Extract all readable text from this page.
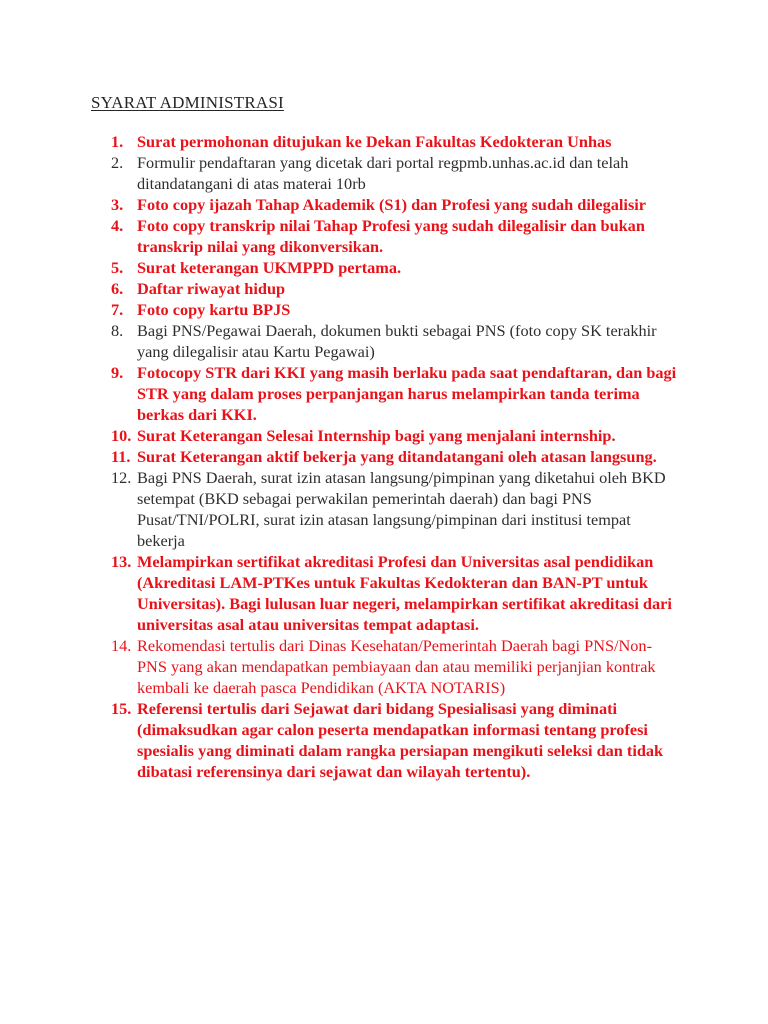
SYARAT ADMINISTRASI
1. Surat permohonan ditujukan ke Dekan Fakultas Kedokteran Unhas
2. Formulir pendaftaran yang dicetak dari portal regpmb.unhas.ac.id dan telah ditandatangani di atas materai 10rb
3. Foto copy ijazah Tahap Akademik (S1) dan Profesi yang sudah dilegalisir
4. Foto copy transkrip nilai Tahap Profesi yang sudah dilegalisir dan bukan transkrip nilai yang dikonversikan.
5. Surat keterangan UKMPPD pertama.
6. Daftar riwayat hidup
7. Foto copy kartu BPJS
8. Bagi PNS/Pegawai Daerah, dokumen bukti sebagai PNS (foto copy SK terakhir yang dilegalisir atau Kartu Pegawai)
9. Fotocopy STR dari KKI yang masih berlaku pada saat pendaftaran, dan bagi STR yang dalam proses perpanjangan harus melampirkan tanda terima berkas dari KKI.
10. Surat Keterangan Selesai Internship bagi yang menjalani internship.
11. Surat Keterangan aktif bekerja yang ditandatangani oleh atasan langsung.
12. Bagi PNS Daerah, surat izin atasan langsung/pimpinan yang diketahui oleh BKD setempat (BKD sebagai perwakilan pemerintah daerah) dan bagi PNS Pusat/TNI/POLRI, surat izin atasan langsung/pimpinan dari institusi tempat bekerja
13. Melampirkan sertifikat akreditasi Profesi dan Universitas asal pendidikan (Akreditasi LAM-PTKes untuk Fakultas Kedokteran dan BAN-PT untuk Universitas). Bagi lulusan luar negeri, melampirkan sertifikat akreditasi dari universitas asal atau universitas tempat adaptasi.
14. Rekomendasi tertulis dari Dinas Kesehatan/Pemerintah Daerah bagi PNS/Non-PNS yang akan mendapatkan pembiayaan dan atau memiliki perjanjian kontrak kembali ke daerah pasca Pendidikan (AKTA NOTARIS)
15. Referensi tertulis dari Sejawat dari bidang Spesialisasi yang diminati (dimaksudkan agar calon peserta mendapatkan informasi tentang profesi spesialis yang diminati dalam rangka persiapan mengikuti seleksi dan tidak dibatasi referensinya dari sejawat dan wilayah tertentu).
